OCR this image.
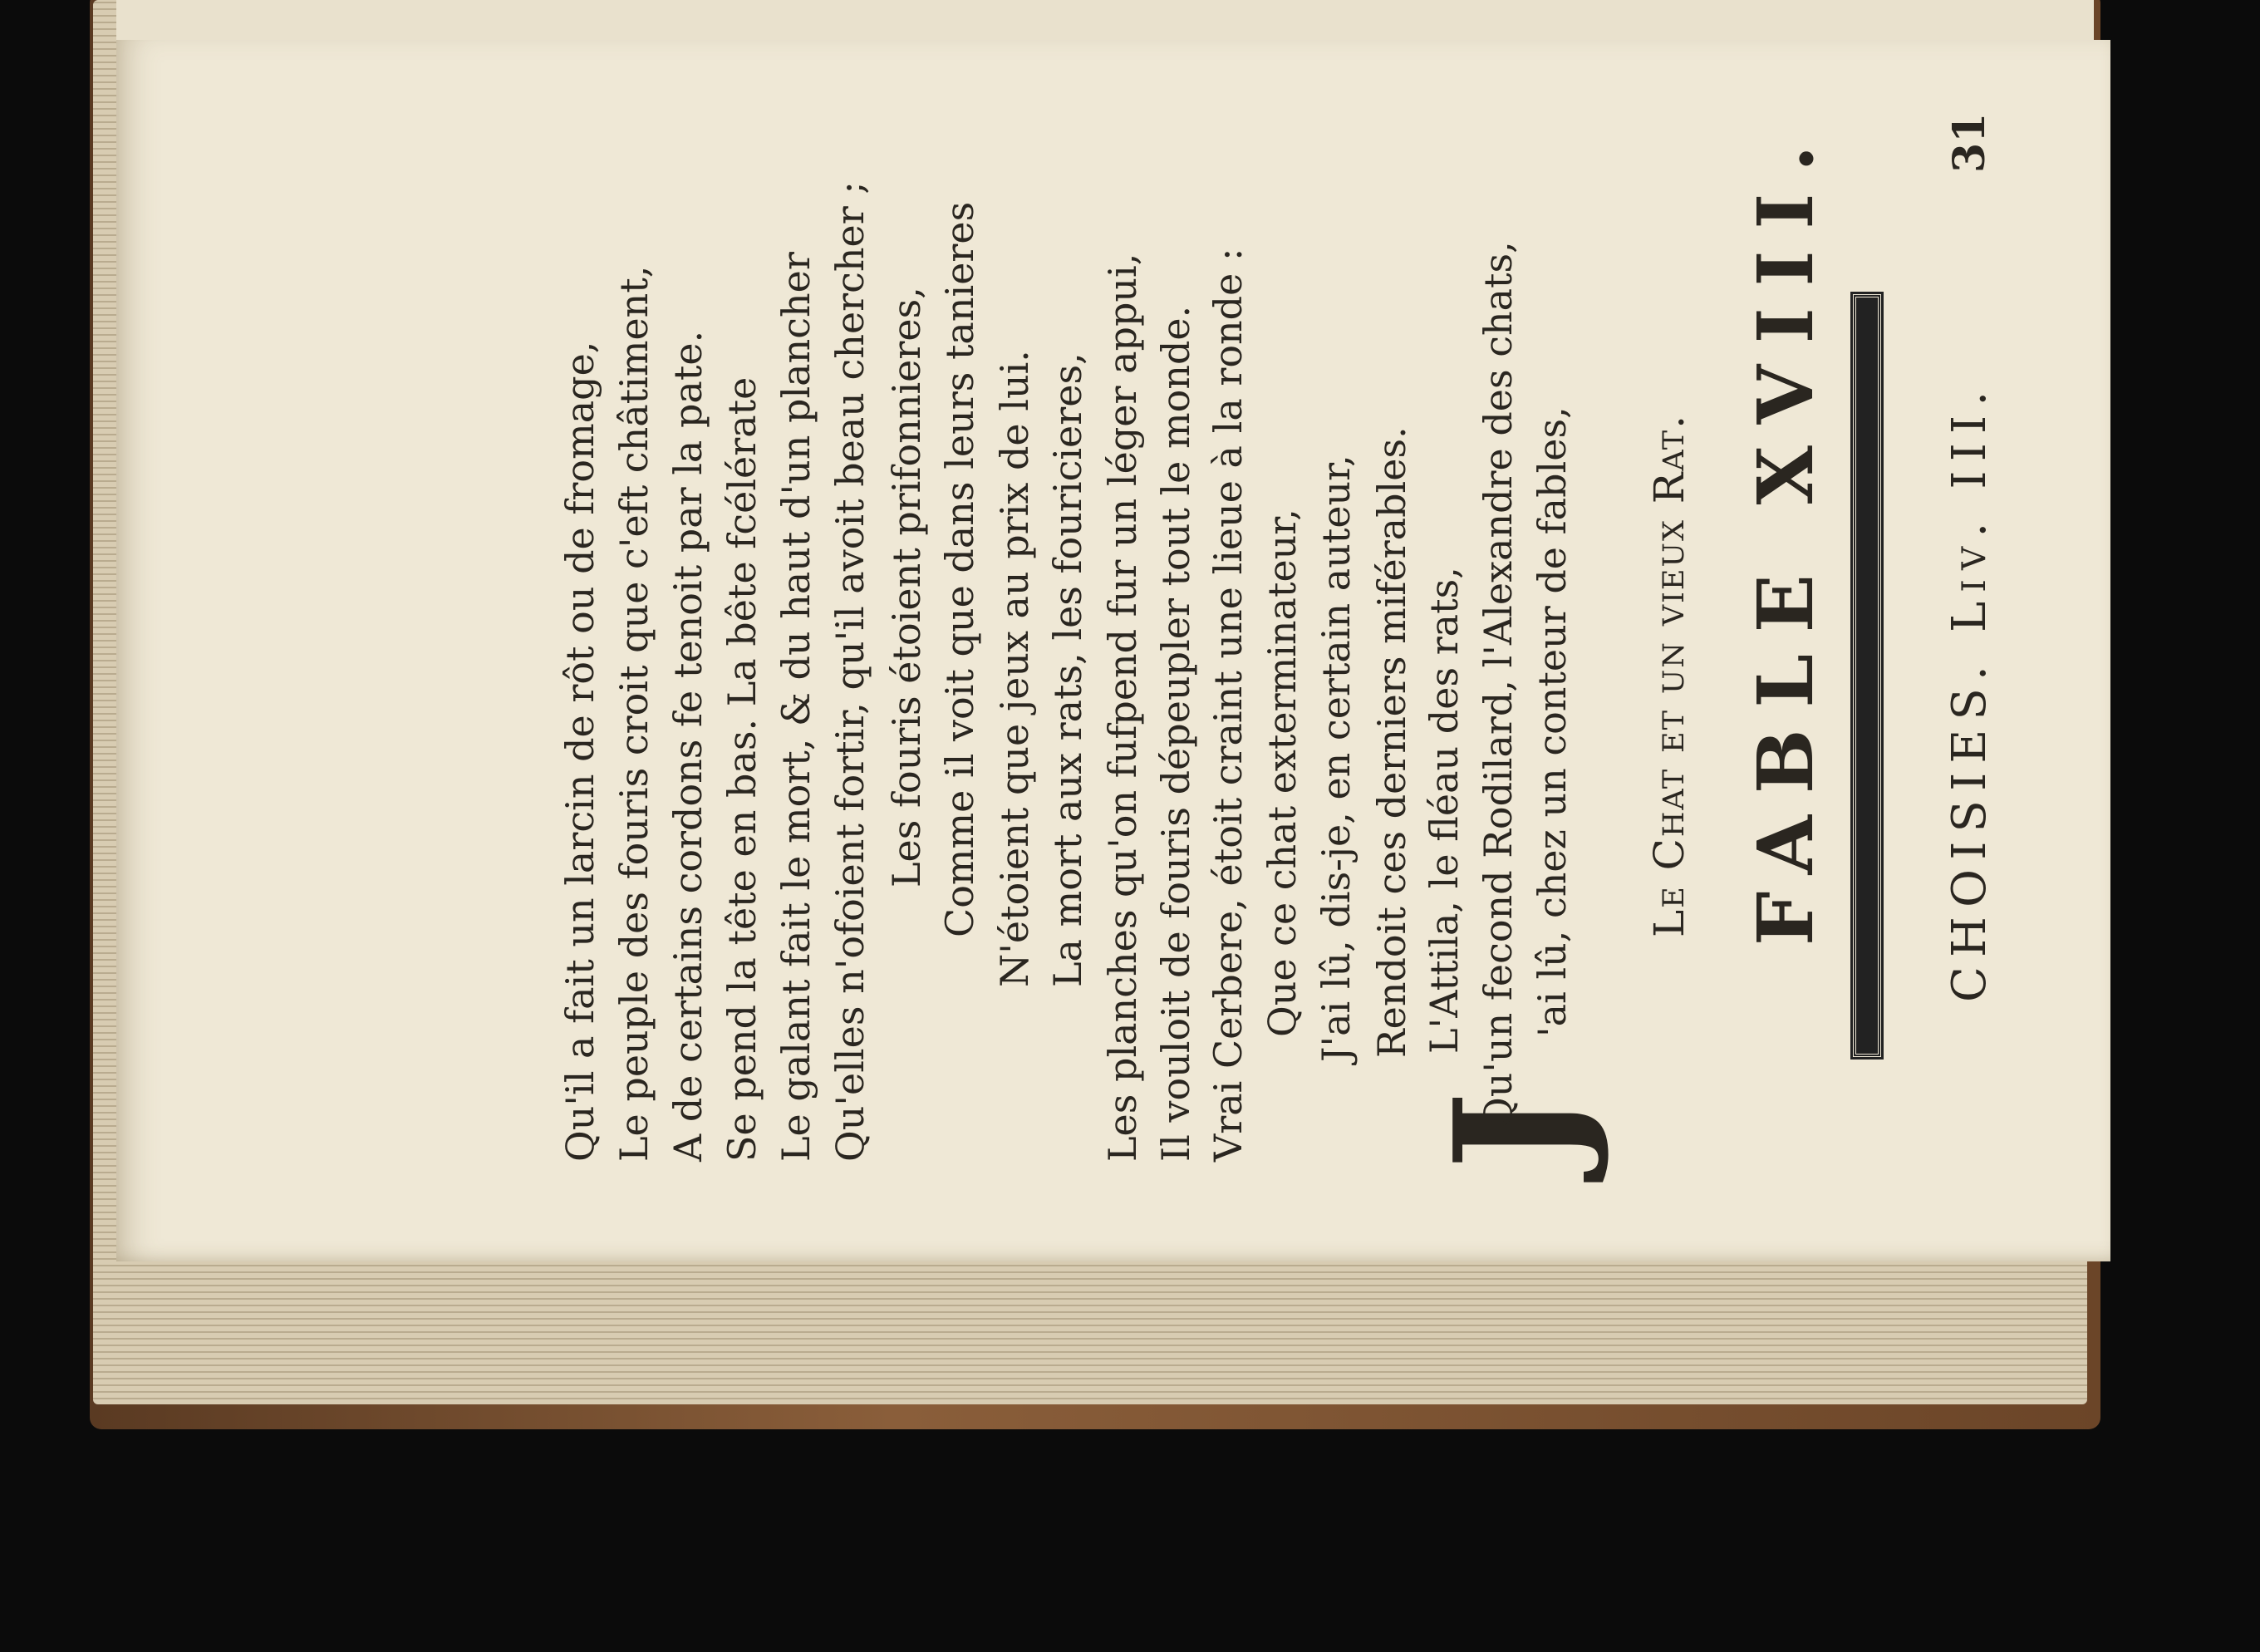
CHOISIES. Liv. III.
31
FABLE XVIII.
Le Chat et un vieux Rat.
J
'ai lû, chez un conteur de fables,
Qu'un fecond Rodilard, l'Alexandre des chats,
L'Attila, le fléau des rats,
Rendoit ces derniers miférables.
J'ai lû, dis-je, en certain auteur,
Que ce chat exterminateur,
Vrai Cerbere, étoit craint une lieue à la ronde :
Il vouloit de fouris dépeupler tout le monde.
Les planches qu'on fufpend fur un léger appui,
La mort aux rats, les fouricieres,
N'étoient que jeux au prix de lui.
Comme il voit que dans leurs tanieres
Les fouris étoient prifonnieres,
Qu'elles n'ofoient fortir, qu'il avoit beau chercher ;
Le galant fait le mort, & du haut d'un plancher
Se pend la tête en bas. La bête fcélérate
A de certains cordons fe tenoit par la pate.
Le peuple des fouris croit que c'eft châtiment,
Qu'il a fait un larcin de rôt ou de fromage,
